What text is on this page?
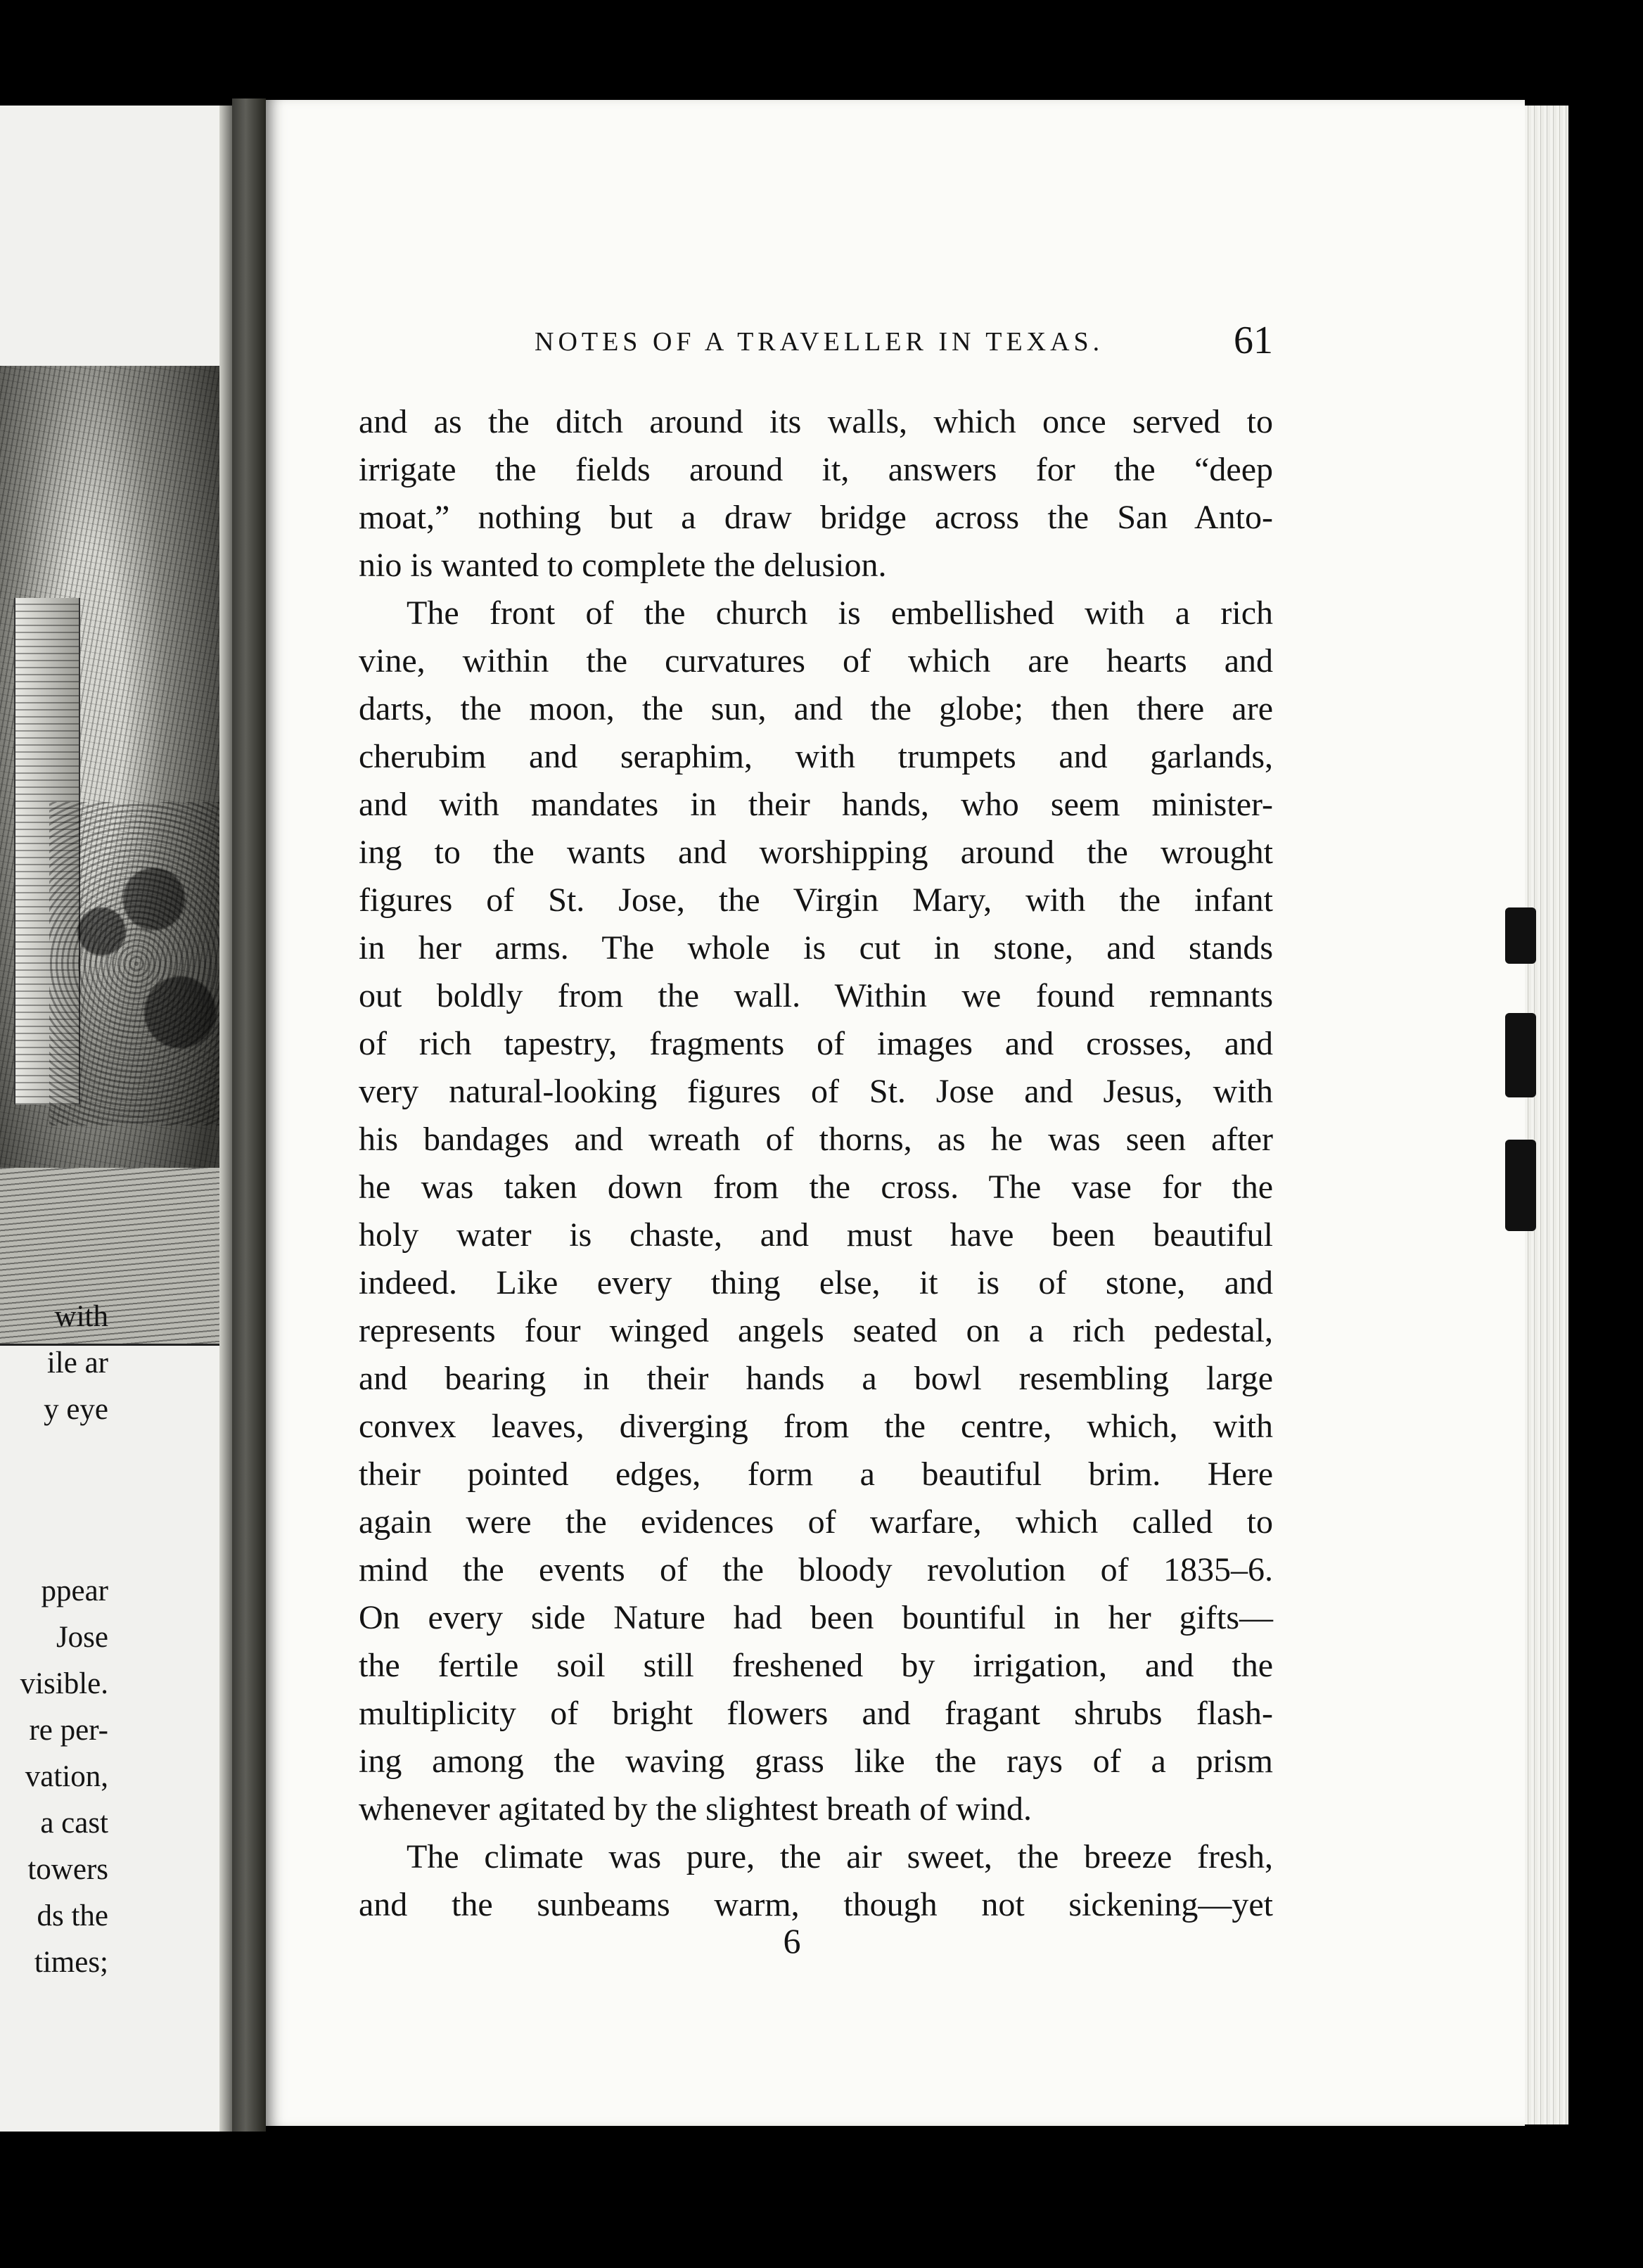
with
ile ar
y eye
ppear
Jose
visible.
re per-
vation,
a cast
towers
ds the
times;
NOTES OF A TRAVELLER IN TEXAS.	61
and as the ditch around its walls, which once served to
irrigate the fields around it, answers for the “deep
moat,” nothing but a draw bridge across the San Anto-
nio is wanted to complete the delusion.
The front of the church is embellished with a rich
vine, within the curvatures of which are hearts and
darts, the moon, the sun, and the globe; then there are
cherubim and seraphim, with trumpets and garlands,
and with mandates in their hands, who seem minister-
ing to the wants and worshipping around the wrought
figures of St. Jose, the Virgin Mary, with the infant
in her arms. The whole is cut in stone, and stands
out boldly from the wall. Within we found remnants
of rich tapestry, fragments of images and crosses, and
very natural-looking figures of St. Jose and Jesus, with
his bandages and wreath of thorns, as he was seen after
he was taken down from the cross. The vase for the
holy water is chaste, and must have been beautiful
indeed. Like every thing else, it is of stone, and
represents four winged angels seated on a rich pedestal,
and bearing in their hands a bowl resembling large
convex leaves, diverging from the centre, which, with
their pointed edges, form a beautiful brim. Here
again were the evidences of warfare, which called to
mind the events of the bloody revolution of 1835–6.
On every side Nature had been bountiful in her gifts—
the fertile soil still freshened by irrigation, and the
multiplicity of bright flowers and fragant shrubs flash-
ing among the waving grass like the rays of a prism
whenever agitated by the slightest breath of wind.
The climate was pure, the air sweet, the breeze fresh,
and the sunbeams warm, though not sickening—yet
6
